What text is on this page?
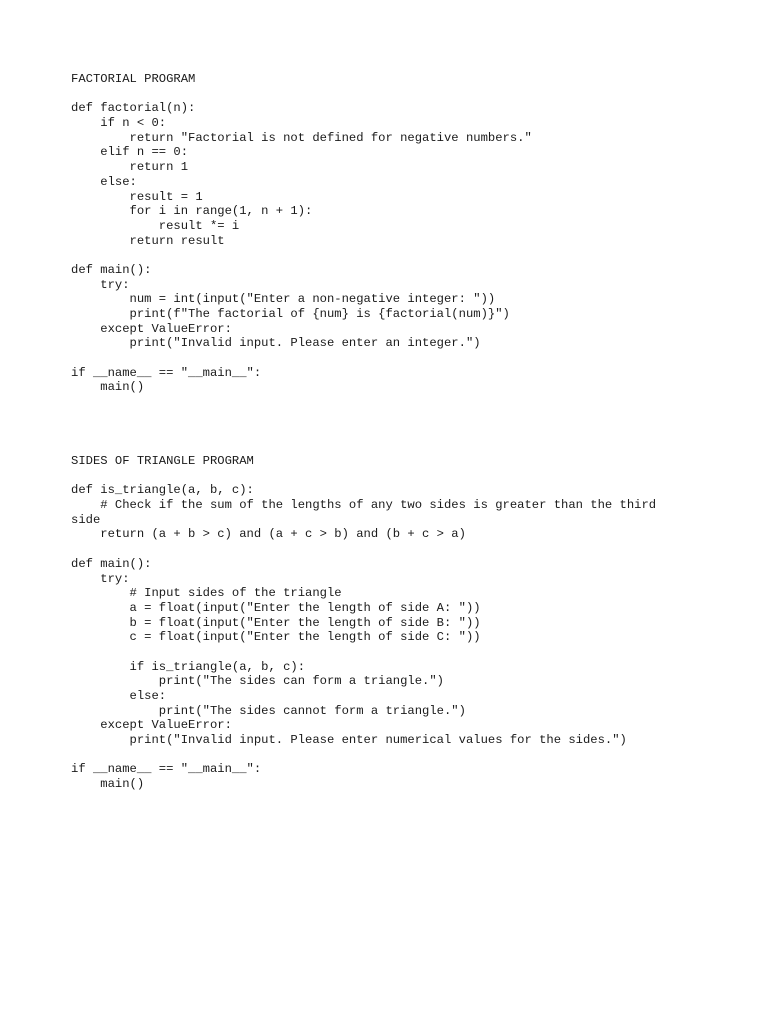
FACTORIAL PROGRAM
def factorial(n):
if n < 0:
return "Factorial is not defined for negative numbers."
elif n == 0:
return 1
else:
result = 1
for i in range(1, n + 1):
result *= i
return result
def main():
try:
num = int(input("Enter a non-negative integer: "))
print(f"The factorial of {num} is {factorial(num)}")
except ValueError:
print("Invalid input. Please enter an integer.")
if __name__ == "__main__":
main()
SIDES OF TRIANGLE PROGRAM
def is_triangle(a, b, c):
# Check if the sum of the lengths of any two sides is greater than the third
side
return (a + b > c) and (a + c > b) and (b + c > a)
def main():
try:
# Input sides of the triangle
a = float(input("Enter the length of side A: "))
b = float(input("Enter the length of side B: "))
c = float(input("Enter the length of side C: "))
if is_triangle(a, b, c):
print("The sides can form a triangle.")
else:
print("The sides cannot form a triangle.")
except ValueError:
print("Invalid input. Please enter numerical values for the sides.")
if __name__ == "__main__":
main()
